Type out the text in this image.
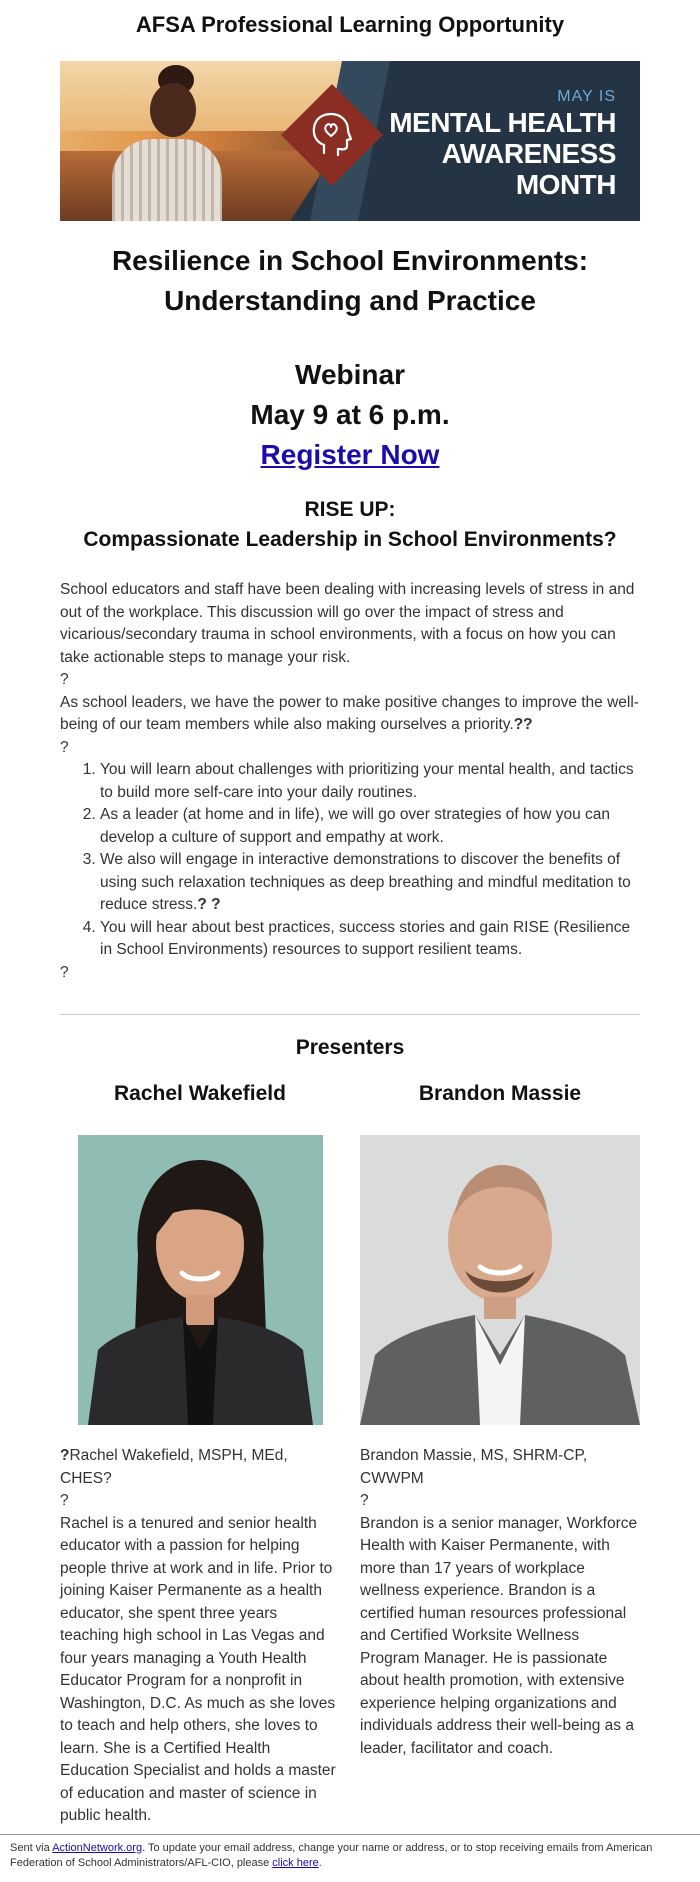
AFSA Professional Learning Opportunity
MAY IS
MENTAL HEALTH
AWARENESS
MONTH
Resilience in School Environments:
Understanding and Practice
Webinar
May 9 at 6 p.m.
Register Now
RISE UP:
Compassionate Leadership in School Environments?
School educators and staff have been dealing with increasing levels of stress in and out of the workplace. This discussion will go over the impact of stress and vicarious/secondary trauma in school environments, with a focus on how you can take actionable steps to manage your risk.
?
As school leaders, we have the power to make positive changes to improve the well-being of our team members while also making ourselves a priority.??
?
1. You will learn about challenges with prioritizing your mental health, and tactics to build more self-care into your daily routines.
2. As a leader (at home and in life), we will go over strategies of how you can develop a culture of support and empathy at work.
3. We also will engage in interactive demonstrations to discover the benefits of using such relaxation techniques as deep breathing and mindful meditation to reduce stress.? ?
4. You will hear about best practices, success stories and gain RISE (Resilience in School Environments) resources to support resilient teams.
?
Presenters
Rachel Wakefield
?Rachel Wakefield, MSPH, MEd, CHES?
?
Rachel is a tenured and senior health educator with a passion for helping people thrive at work and in life. Prior to joining Kaiser Permanente as a health educator, she spent three years teaching high school in Las Vegas and four years managing a Youth Health Educator Program for a nonprofit in Washington, D.C. As much as she loves to teach and help others, she loves to learn. She is a Certified Health Education Specialist and holds a master of education and master of science in public health.
Brandon Massie
Brandon Massie, MS, SHRM-CP, CWWPM
?
Brandon is a senior manager, Workforce Health with Kaiser Permanente, with more than 17 years of workplace wellness experience. Brandon is a certified human resources professional and Certified Worksite Wellness Program Manager. He is passionate about health promotion, with extensive experience helping organizations and individuals address their well-being as a leader, facilitator and coach.
Sent via ActionNetwork.org. To update your email address, change your name or address, or to stop receiving emails from American Federation of School Administrators/AFL-CIO, please click here.
